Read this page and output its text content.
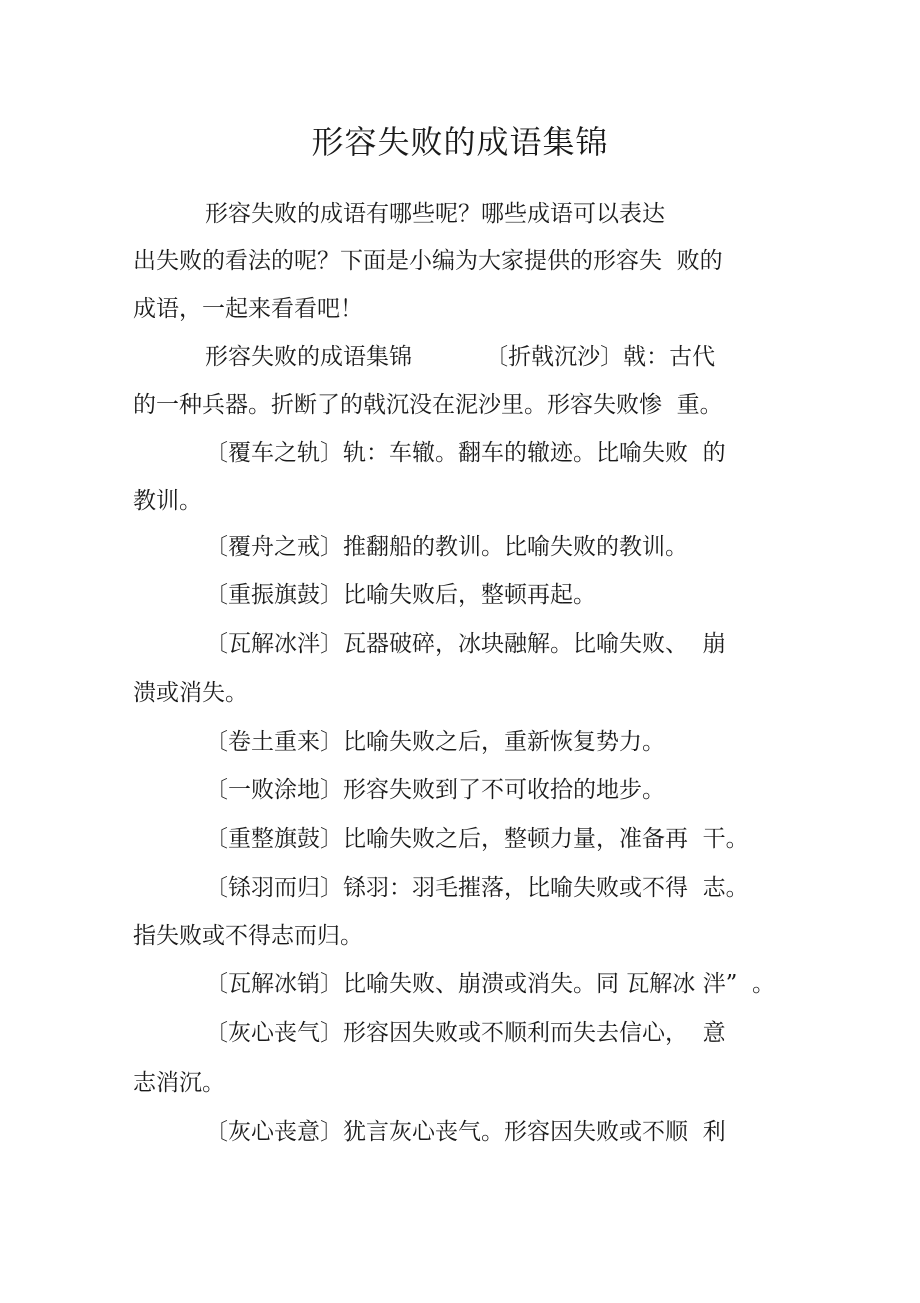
形容失败的成语集锦

形容失败的成语有哪些呢？哪些成语可以表达

出失败的看法的呢？下面是小编为大家提供的形容失  败的

成语，一起来看看吧！

形容失败的成语集锦          〔折戟沉沙〕戟：古代

的一种兵器。折断了的戟沉没在泥沙里。形容失败惨  重。

〔覆车之轨〕轨：车辙。翻车的辙迹。比喻失败  的

教训。

〔覆舟之戒〕推翻船的教训。比喻失败的教训。

〔重振旗鼓〕比喻失败后，整顿再起。

〔瓦解冰泮〕瓦器破碎，冰块融解。比喻失败、  崩

溃或消失。

〔卷土重来〕比喻失败之后，重新恢复势力。

〔一败涂地〕形容失败到了不可收拾的地步。

〔重整旗鼓〕比喻失败之后，整顿力量，准备再  干。

〔铩羽而归〕铩羽：羽毛摧落，比喻失败或不得  志。

指失败或不得志而归。

〔瓦解冰销〕比喻失败、崩溃或消失。同 瓦解冰 泮”  。

〔灰心丧气〕形容因失败或不顺利而失去信心，  意

志消沉。

〔灰心丧意〕犹言灰心丧气。形容因失败或不顺  利
